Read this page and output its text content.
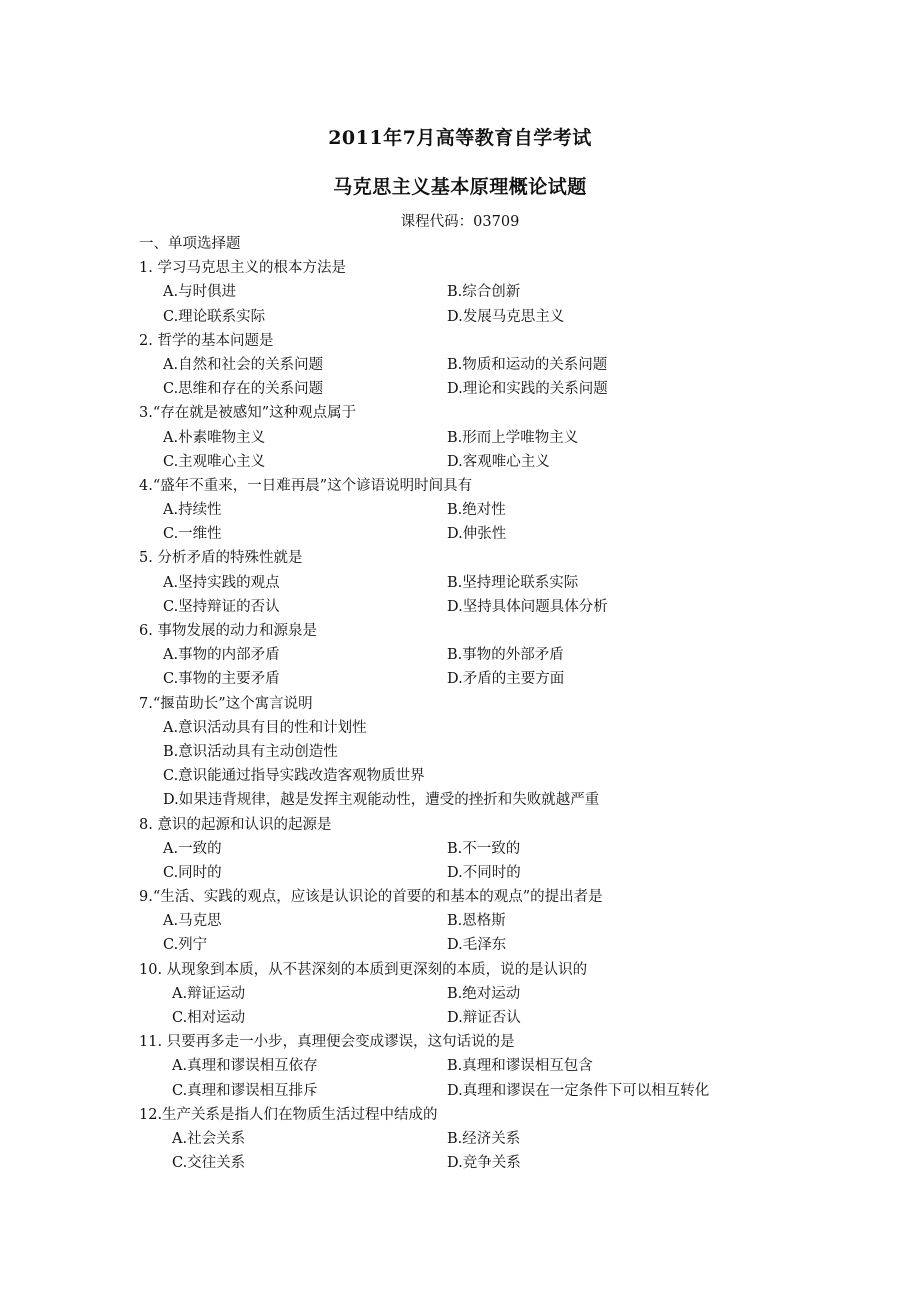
2011年7月高等教育自学考试
马克思主义基本原理概论试题
课程代码：03709
一、单项选择题
1. 学习马克思主义的根本方法是
A.与时俱进	B.综合创新
C.理论联系实际	D.发展马克思主义
2. 哲学的基本问题是
A.自然和社会的关系问题	B.物质和运动的关系问题
C.思维和存在的关系问题	D.理论和实践的关系问题
3.“存在就是被感知”这种观点属于
A.朴素唯物主义	B.形而上学唯物主义
C.主观唯心主义	D.客观唯心主义
4.“盛年不重来，一日难再晨”这个谚语说明时间具有
A.持续性	B.绝对性
C.一维性	D.伸张性
5. 分析矛盾的特殊性就是
A.坚持实践的观点	B.坚持理论联系实际
C.坚持辩证的否认	D.坚持具体问题具体分析
6. 事物发展的动力和源泉是
A.事物的内部矛盾	B.事物的外部矛盾
C.事物的主要矛盾	D.矛盾的主要方面
7.“揠苗助长”这个寓言说明
A.意识活动具有目的性和计划性
B.意识活动具有主动创造性
C.意识能通过指导实践改造客观物质世界
D.如果违背规律，越是发挥主观能动性，遭受的挫折和失败就越严重
8. 意识的起源和认识的起源是
A.一致的	B.不一致的
C.同时的	D.不同时的
9.“生活、实践的观点，应该是认识论的首要的和基本的观点”的提出者是
A.马克思	B.恩格斯
C.列宁	D.毛泽东
10. 从现象到本质，从不甚深刻的本质到更深刻的本质，说的是认识的
A.辩证运动	B.绝对运动
C.相对运动	D.辩证否认
11. 只要再多走一小步，真理便会变成谬误，这句话说的是
A.真理和谬误相互依存	B.真理和谬误相互包含
C.真理和谬误相互排斥	D.真理和谬误在一定条件下可以相互转化
12.生产关系是指人们在物质生活过程中结成的
A.社会关系	B.经济关系
C.交往关系	D.竞争关系
